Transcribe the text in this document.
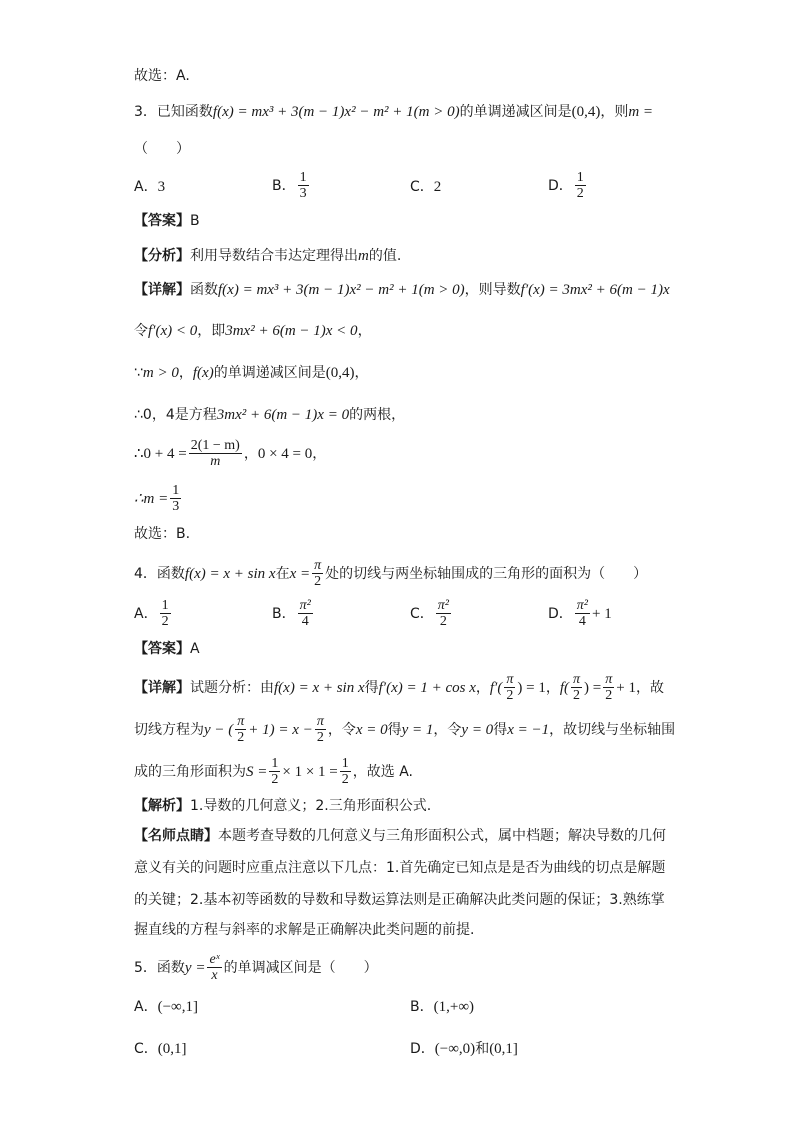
故选：A.
3．已知函数f(x) = mx³ + 3(m − 1)x² − m² + 1(m > 0)的单调递减区间是(0,4)，则m =
（　　）
A．3	B． $\frac{1}{3}$	C．2	D． $\frac{1}{2}$
【答案】B
【分析】利用导数结合韦达定理得出m的值.
【详解】函数f(x) = mx³ + 3(m − 1)x² − m² + 1(m > 0)，则导数f′(x) = 3mx² + 6(m − 1)x
令f′(x) < 0，即3mx² + 6(m − 1)x < 0，
∵m > 0，f(x)的单调递减区间是(0,4)，
∴0，4是方程3mx² + 6(m − 1)x = 0的两根，
∴0 + $4 = \frac{2(1 - m)}{m}$ ，0 × 4 = 0，
∴m = $\frac{1}{3}$
故选：B.
4．函数f(x) = x + sin x在$x = \frac{\pi}{2}$ 处的切线与两坐标轴围成的三角形的面积为（　　）
A． $\frac{1}{2}$	B． $\frac{\text{π²}}{4}$	C． $\frac{\text{π²}}{2}$	D． $\frac{\text{π²}}{4} + 1$
【答案】A
【详解】试题分析：由f(x) = x + sin x得f′(x) = 1 + cos x，$f'( \frac{\pi}{2}$ ) = 1，$f( \frac{\pi}{2}$ ) = $\frac{\pi}{2} + 1$，故
切线方程为y − ( $\frac{\pi}{2} + 1) = x - \frac{\pi}{2}$ ，令x = 0得y = 1，令y = 0得x = −1，故切线与坐标轴围
成的三角形面积为$S = \frac{1}{2} \times 1 \times 1 = \frac{1}{2}$ ，故选 A.
【解析】1.导数的几何意义；2.三角形面积公式.
【名师点睛】本题考查导数的几何意义与三角形面积公式，属中档题；解决导数的几何
意义有关的问题时应重点注意以下几点：1.首先确定已知点是是否为曲线的切点是解题
的关键；2.基本初等函数的导数和导数运算法则是正确解决此类问题的保证；3.熟练掌
握直线的方程与斜率的求解是正确解决此类问题的前提.
5．函数$y = \frac{\text{eˣ}}{x}$ 的单调减区间是（　　）
A．(−∞,1]	B．(1,+∞)
C．(0,1]	D．(−∞,0)和(0,1]
